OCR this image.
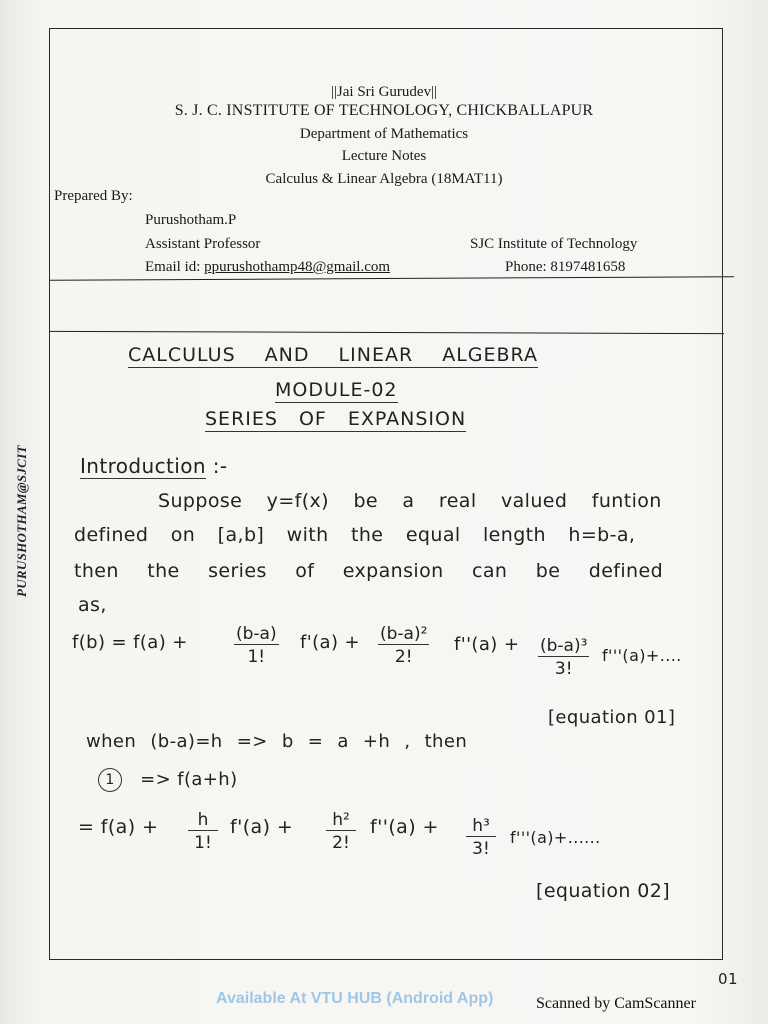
||Jai Sri Gurudev||
S. J. C. INSTITUTE OF TECHNOLOGY, CHICKBALLAPUR
Department of Mathematics
Lecture Notes
Calculus & Linear Algebra (18MAT11)
Prepared By:
Purushotham.P
Assistant Professor
Email id: ppurushothamp48@gmail.com
SJC Institute of Technology
Phone: 8197481658
PURUSHOTHAM@SJCIT
CALCULUS AND LINEAR ALGEBRA
MODULE-02
SERIES OF EXPANSION
Introduction :-
Suppose y=f(x) be a real valued funtion
defined on [a,b] with the equal length h=b-a,
then the series of expansion can be defined
as,
f(b) = f(a) +	$\frac{(b-a)}{1!} f'(a) + \frac{\text{(b-a)²}}{2!} f''(a) + \frac{\text{(b-a)³}}{3!} f'''(a)+$....
[equation 01]
when (b-a)=h => b = a +h , then
1 => f(a+h)
= $f(a) + \frac{h}{1!} f'(a) + \frac{\text{h²}}{2!} f''(a) + \frac{\text{h³}}{3!} f'''(a)+$......
[equation 02]
01
Available At VTU HUB (Android App)	Scanned by CamScanner
